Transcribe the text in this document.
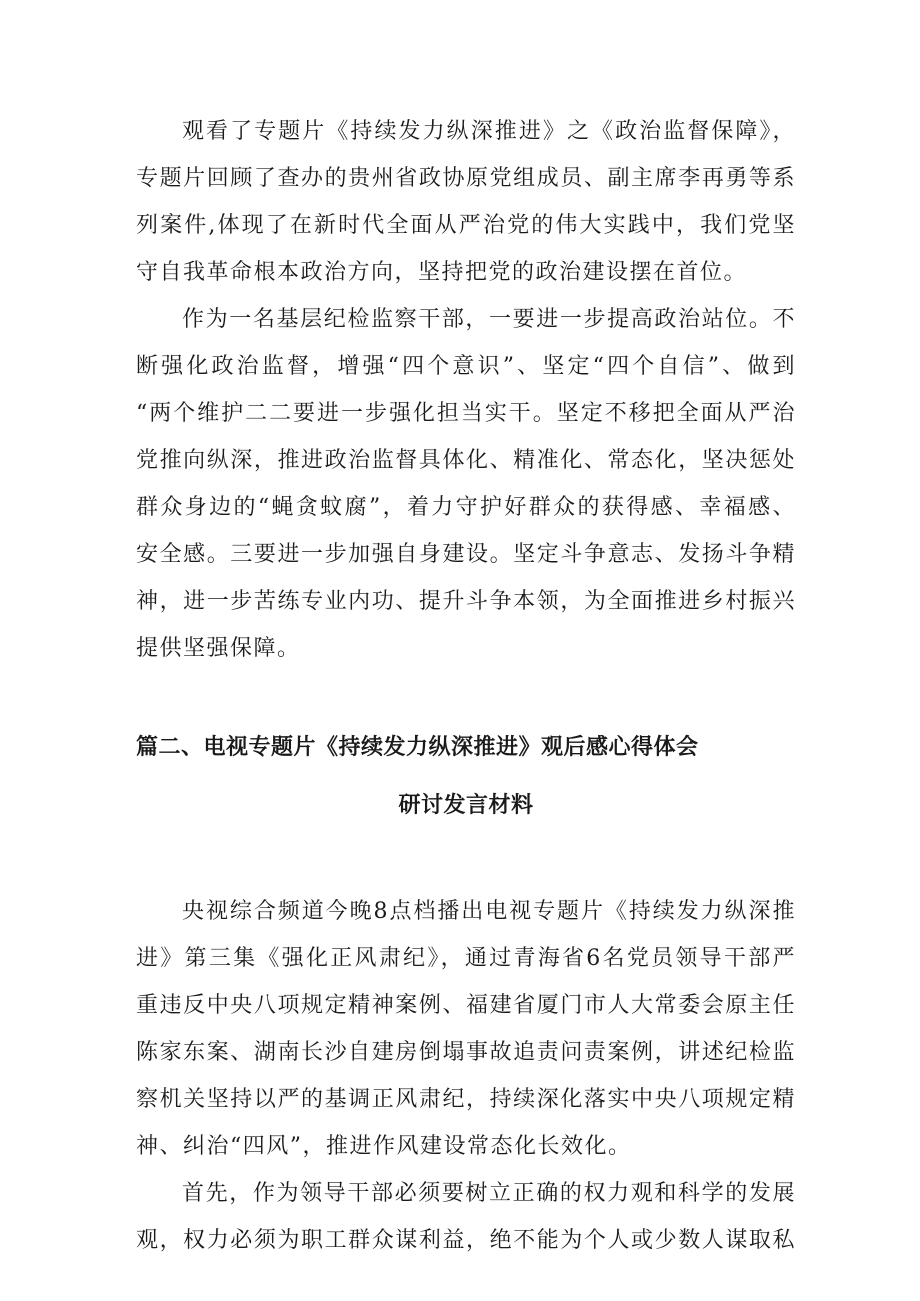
观看了专题片《持续发力纵深推进》之《政治监督保障》，
专题片回顾了查办的贵州省政协原党组成员、副主席李再勇等系
列案件,体现了在新时代全面从严治党的伟大实践中，我们党坚
守自我革命根本政治方向，坚持把党的政治建设摆在首位。
作为一名基层纪检监察干部，一要进一步提高政治站位。不
断强化政治监督，增强“四个意识”、坚定“四个自信”、做到
“两个维护二二要进一步强化担当实干。坚定不移把全面从严治
党推向纵深，推进政治监督具体化、精准化、常态化，坚决惩处
群众身边的“蝇贪蚊腐”，着力守护好群众的获得感、幸福感、
安全感。三要进一步加强自身建设。坚定斗争意志、发扬斗争精
神，进一步苦练专业内功、提升斗争本领，为全面推进乡村振兴
提供坚强保障。
篇二、电视专题片《持续发力纵深推进》观后感心得体会
研讨发言材料
央视综合频道今晚8点档播出电视专题片《持续发力纵深推
进》第三集《强化正风肃纪》，通过青海省6名党员领导干部严
重违反中央八项规定精神案例、福建省厦门市人大常委会原主任
陈家东案、湖南长沙自建房倒塌事故追责问责案例，讲述纪检监
察机关坚持以严的基调正风肃纪，持续深化落实中央八项规定精
神、纠治“四风”，推进作风建设常态化长效化。
首先，作为领导干部必须要树立正确的权力观和科学的发展
观，权力必须为职工群众谋利益，绝不能为个人或少数人谋取私
